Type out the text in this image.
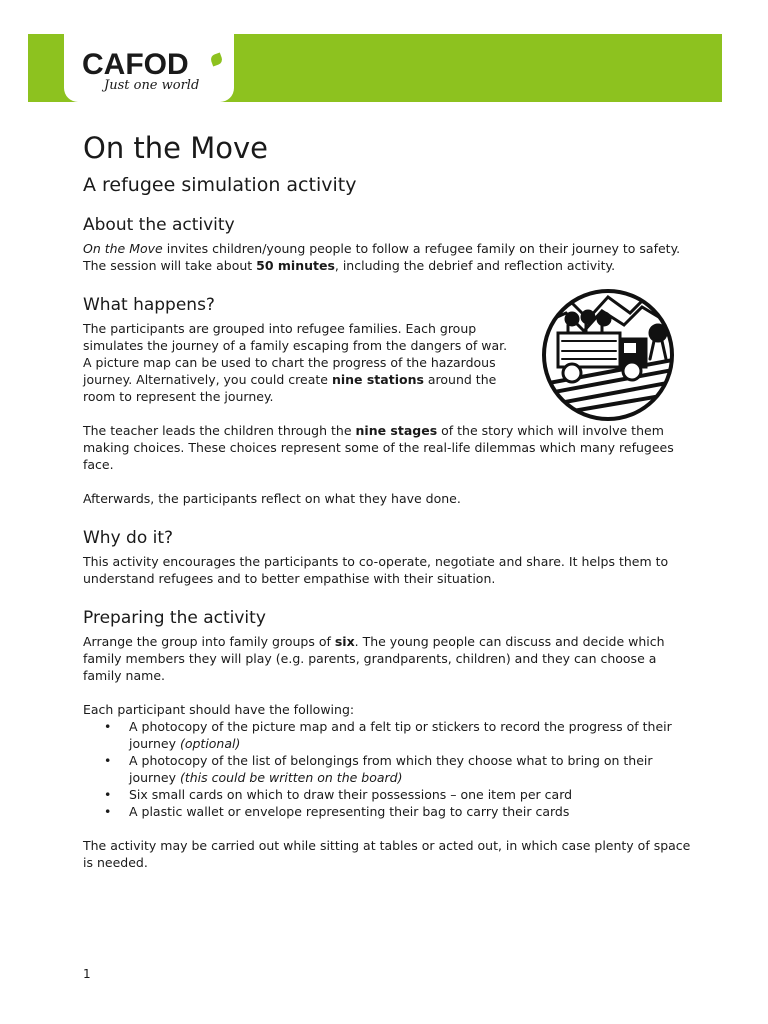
CAFOD
Just one world
On the Move
A refugee simulation activity
About the activity

On the Move invites children/young people to follow a refugee family on their journey to safety. The session will take about 50 minutes, including the debrief and reflection activity.

What happens?

The participants are grouped into refugee families. Each group simulates the journey of a family escaping from the dangers of war. A picture map can be used to chart the progress of the hazardous journey. Alternatively, you could create nine stations around the room to represent the journey.

The teacher leads the children through the nine stages of the story which will involve them making choices. These choices represent some of the real-life dilemmas which many refugees face.

Afterwards, the participants reflect on what they have done.

Why do it?

This activity encourages the participants to co-operate, negotiate and share. It helps them to understand refugees and to better empathise with their situation.

Preparing the activity

Arrange the group into family groups of six. The young people can discuss and decide which family members they will play (e.g. parents, grandparents, children) and they can choose a family name.

Each participant should have the following:

• A photocopy of the picture map and a felt tip or stickers to record the progress of their journey (optional)
• A photocopy of the list of belongings from which they choose what to bring on their journey (this could be written on the board)
• Six small cards on which to draw their possessions – one item per card
• A plastic wallet or envelope representing their bag to carry their cards

The activity may be carried out while sitting at tables or acted out, in which case plenty of space is needed.

1
